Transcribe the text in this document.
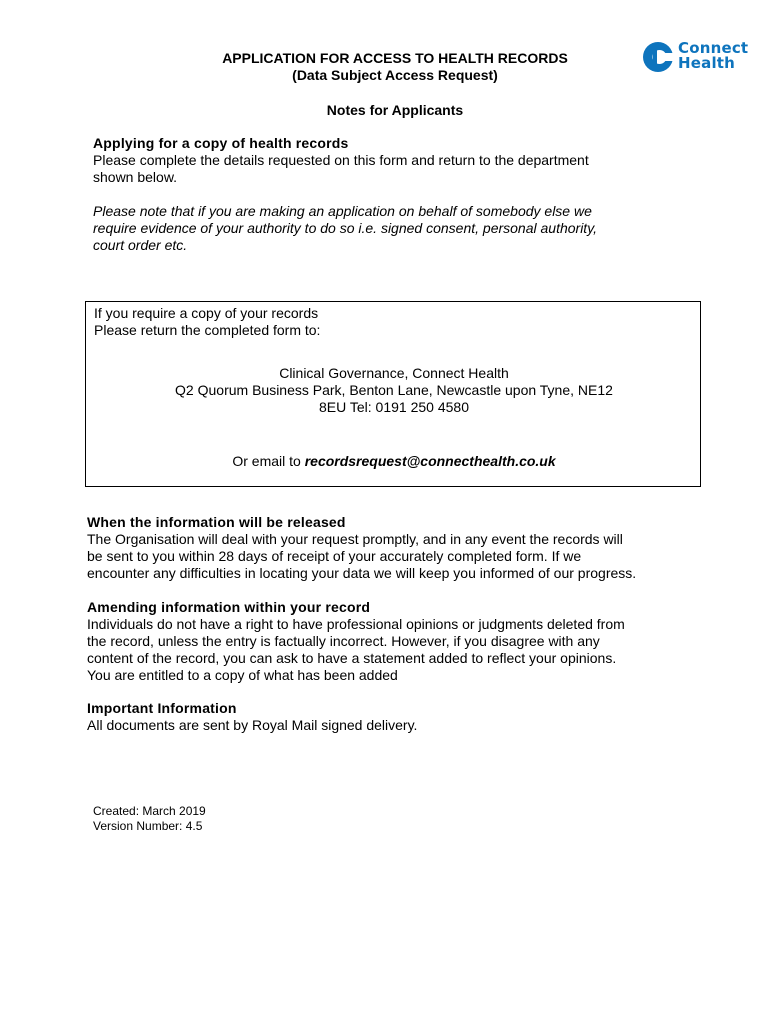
Connect
Health
APPLICATION FOR ACCESS TO HEALTH RECORDS
(Data Subject Access Request)
Notes for Applicants
Applying for a copy of health records
Please complete the details requested on this form and return to the department
shown below.
Please note that if you are making an application on behalf of somebody else we
require evidence of your authority to do so i.e. signed consent, personal authority,
court order etc.
If you require a copy of your records
Please return the completed form to:
Clinical Governance, Connect Health
Q2 Quorum Business Park, Benton Lane, Newcastle upon Tyne, NE12
8EU Tel: 0191 250 4580
Or email to recordsrequest@connecthealth.co.uk
When the information will be released
The Organisation will deal with your request promptly, and in any event the records will
be sent to you within 28 days of receipt of your accurately completed form. If we
encounter any difficulties in locating your data we will keep you informed of our progress.
Amending information within your record
Individuals do not have a right to have professional opinions or judgments deleted from
the record, unless the entry is factually incorrect. However, if you disagree with any
content of the record, you can ask to have a statement added to reflect your opinions.
You are entitled to a copy of what has been added
Important Information
All documents are sent by Royal Mail signed delivery.
Created: March 2019
Version Number: 4.5
